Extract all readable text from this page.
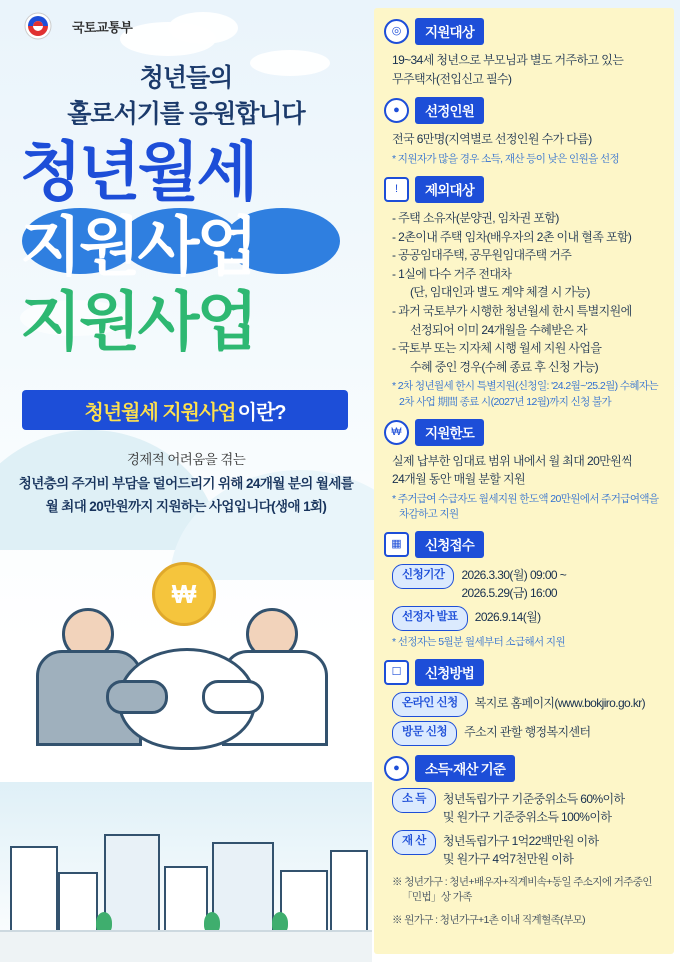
국토교통부
청년들의
홀로서기를 응원합니다
청년월세
지원사업
지원사업
청년월세 지원사업 이란?
경제적 어려움을 겪는
청년층의 주거비 부담을 덜어드리기 위해 24개월 분의 월세를
월 최대 20만원까지 지원하는 사업입니다(생애 1회)
₩
◎	지원대상
19~34세 청년으로 부모님과 별도 거주하고 있는
무주택자(전입신고 필수)
●	선정인원
전국 6만명(지역별로 선정인원 수가 다름)
* 지원자가 많을 경우 소득, 재산 등이 낮은 인원을 선정
!	제외대상
- 주택 소유자(분양권, 임차권 포함)
- 2촌이내 주택 임차(배우자의 2촌 이내 혈족 포함)
- 공공임대주택, 공무원임대주택 거주
- 1실에 다수 거주 전대차
(단, 임대인과 별도 계약 체결 시 가능)
- 과거 국토부가 시행한 청년월세 한시 특별지원에
선정되어 이미 24개월을 수혜받은 자
- 국토부 또는 지자체 시행 월세 지원 사업을
수혜 중인 경우(수혜 종료 후 신청 가능)
* 2차 청년월세 한시 특별지원(신청일: '24.2월~'25.2월) 수혜자는
2차 사업 期間 종료 시(2027년 12월)까지 신청 불가
₩	지원한도
실제 납부한 임대료 범위 내에서 월 최대 20만원씩
24개월 동안 매월 분할 지원
* 주거급여 수급자도 월세지원 한도액 20만원에서 주거급여액을
차감하고 지원
▦	신청접수
신청기간	2026.3.30(월) 09:00 ~
2026.5.29(금) 16:00
선정자 발표	2026.9.14(월)
* 선정자는 5월분 월세부터 소급해서 지원
☐	신청방법
온라인 신청	복지로 홈페이지(www.bokjiro.go.kr)
방문 신청	주소지 관할 행정복지센터
●	소득·재산 기준
소 득	청년독립가구 기준중위소득 60%이하
및 원가구 기준중위소득 100%이하
재 산	청년독립가구 1억22백만원 이하
및 원가구 4억7천만원 이하
※ 청년가구 : 청년+배우자+직계비속+동일 주소지에 거주중인
「민법」상 가족
※ 원가구 : 청년가구+1촌 이내 직계혈족(부모)
